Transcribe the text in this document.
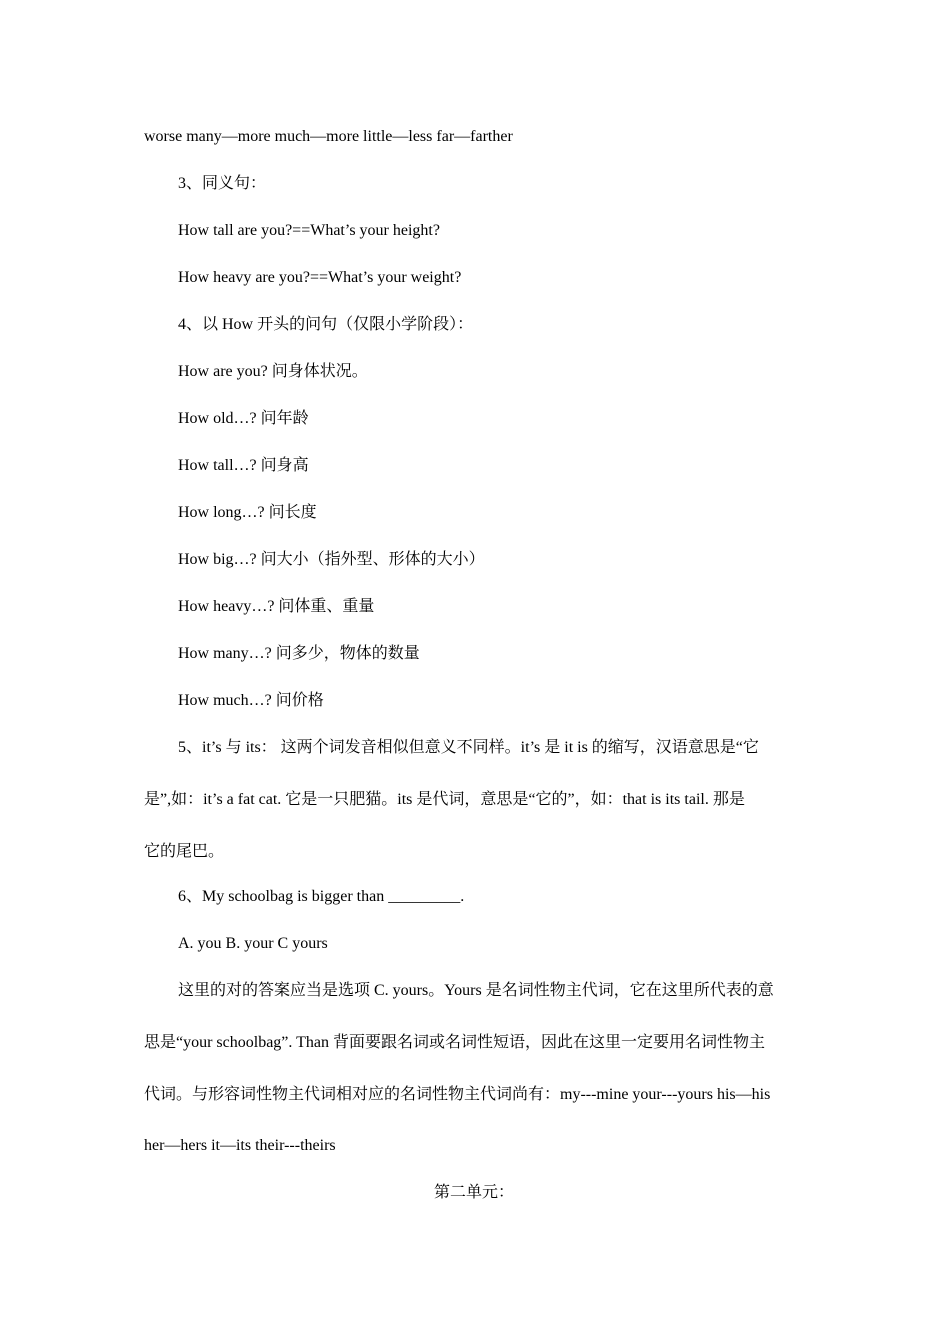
worse many—more much—more little—less far—farther
3、同义句：
How tall are you?==What’s your height?
How heavy are you?==What’s your weight?
4、以 How 开头的问句（仅限小学阶段）：
How are you? 问身体状况。
How old…? 问年龄
How tall…? 问身高
How long…? 问长度
How big…? 问大小（指外型、形体的大小）
How heavy…? 问体重、重量
How many…? 问多少，物体的数量
How much…? 问价格
5、it’s 与 its： 这两个词发音相似但意义不同样。it’s 是 it is 的缩写，汉语意思是“它
是”,如：it’s a fat cat. 它是一只肥猫。its 是代词，意思是“它的”，如：that is its tail. 那是
它的尾巴。
6、My schoolbag is bigger than _________.
A. you B. your C yours
这里的对的答案应当是选项 C. yours。Yours 是名词性物主代词，它在这里所代表的意
思是“your schoolbag”. Than 背面要跟名词或名词性短语，因此在这里一定要用名词性物主
代词。与形容词性物主代词相对应的名词性物主代词尚有：my---mine your---yours his—his
her—hers it—its their---theirs
第二单元：
